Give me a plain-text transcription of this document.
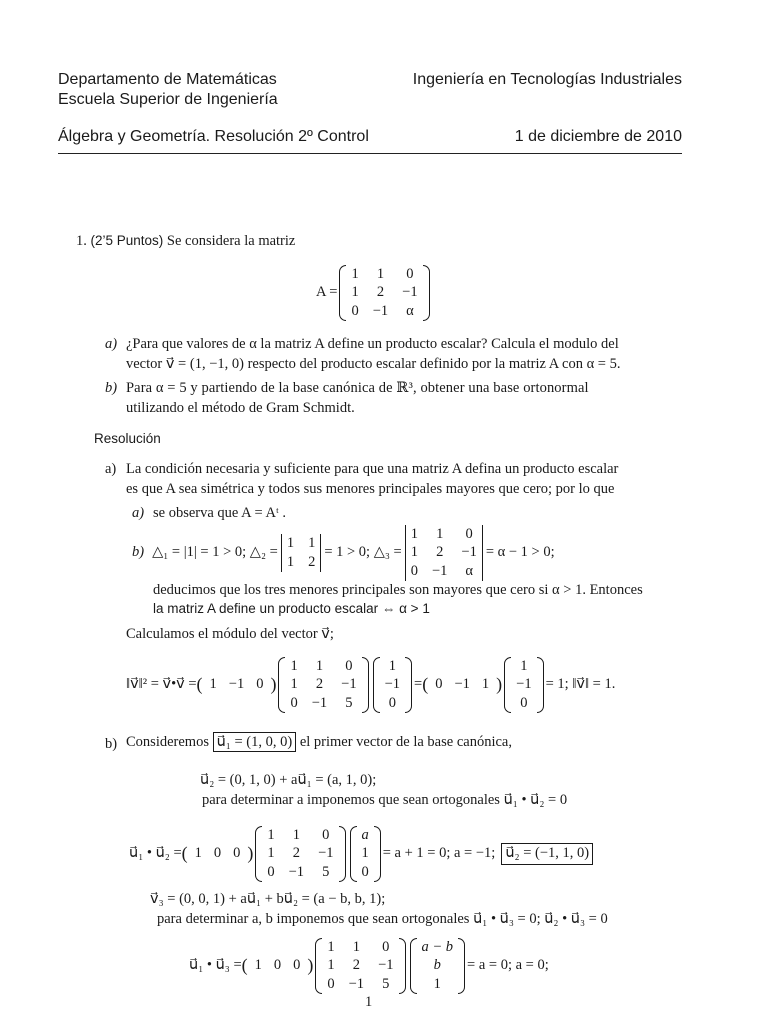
Departamento de Matemáticas
Escuela Superior de Ingeniería
Ingeniería en Tecnologías Industriales
Álgebra y Geometría. Resolución 2º Control	1 de diciembre de 2010
1. (2’5 Puntos) Se considera la matriz
A =
1 1 0
1 2 −1
0 −1 α
a) ¿Para que valores de α la matriz A define un producto escalar? Calcula el modulo del
vector v⃗ = (1, −1, 0) respecto del producto escalar definido por la matriz A con α = 5.
b) Para α = 5 y partiendo de la base canónica de ℝ³, obtener una base ortonormal
utilizando el método de Gram Schmidt.
Resolución
a) La condición necesaria y suficiente para que una matriz A defina un producto escalar
es que A sea simétrica y todos sus menores principales mayores que cero; por lo que
a) se observa que A = Aᵗ .
b) △₁ = |1| = 1 > 0; △₂ =
1 1
1 2
= 1 > 0; △₃ =
1 1 0
1 2 −1
0 −1 α
= α − 1 > 0;
deducimos que los tres menores principales son mayores que cero si α > 1. Entonces
la matriz A define un producto escalar ⇔ α > 1
Calculamos el módulo del vector v⃗;
‖v⃗‖² = v⃗•v⃗ = ( 1 −1 0
)
1 1 0
1 2 −1
0 −1 5
1
−1
0
= ( 0 −1 1
)
1
−1
0
= 1; ‖v⃗‖ = 1.
b) Consideremos u⃗₁ = (1, 0, 0) el primer vector de la base canónica,
u⃗₂ = (0, 1, 0) + au⃗₁ = (a, 1, 0);
para determinar a imponemos que sean ortogonales u⃗₁ • u⃗₂ = 0
u⃗₁ • u⃗₂ = ( 1 0 0
)
1 1 0
1 2 −1
0 −1 5
a
1
0
= a + 1 = 0; a = −1; u⃗₂ = (−1, 1, 0)
v⃗₃ = (0, 0, 1) + au⃗₁ + bu⃗₂ = (a − b, b, 1);
para determinar a, b imponemos que sean ortogonales u⃗₁ • u⃗₃ = 0; u⃗₂ • u⃗₃ = 0
u⃗₁ • u⃗₃ = ( 1 0 0
)
1 1 0
1 2 −1
0 −1 5
a − b
b
1
= a = 0; a = 0;
1
